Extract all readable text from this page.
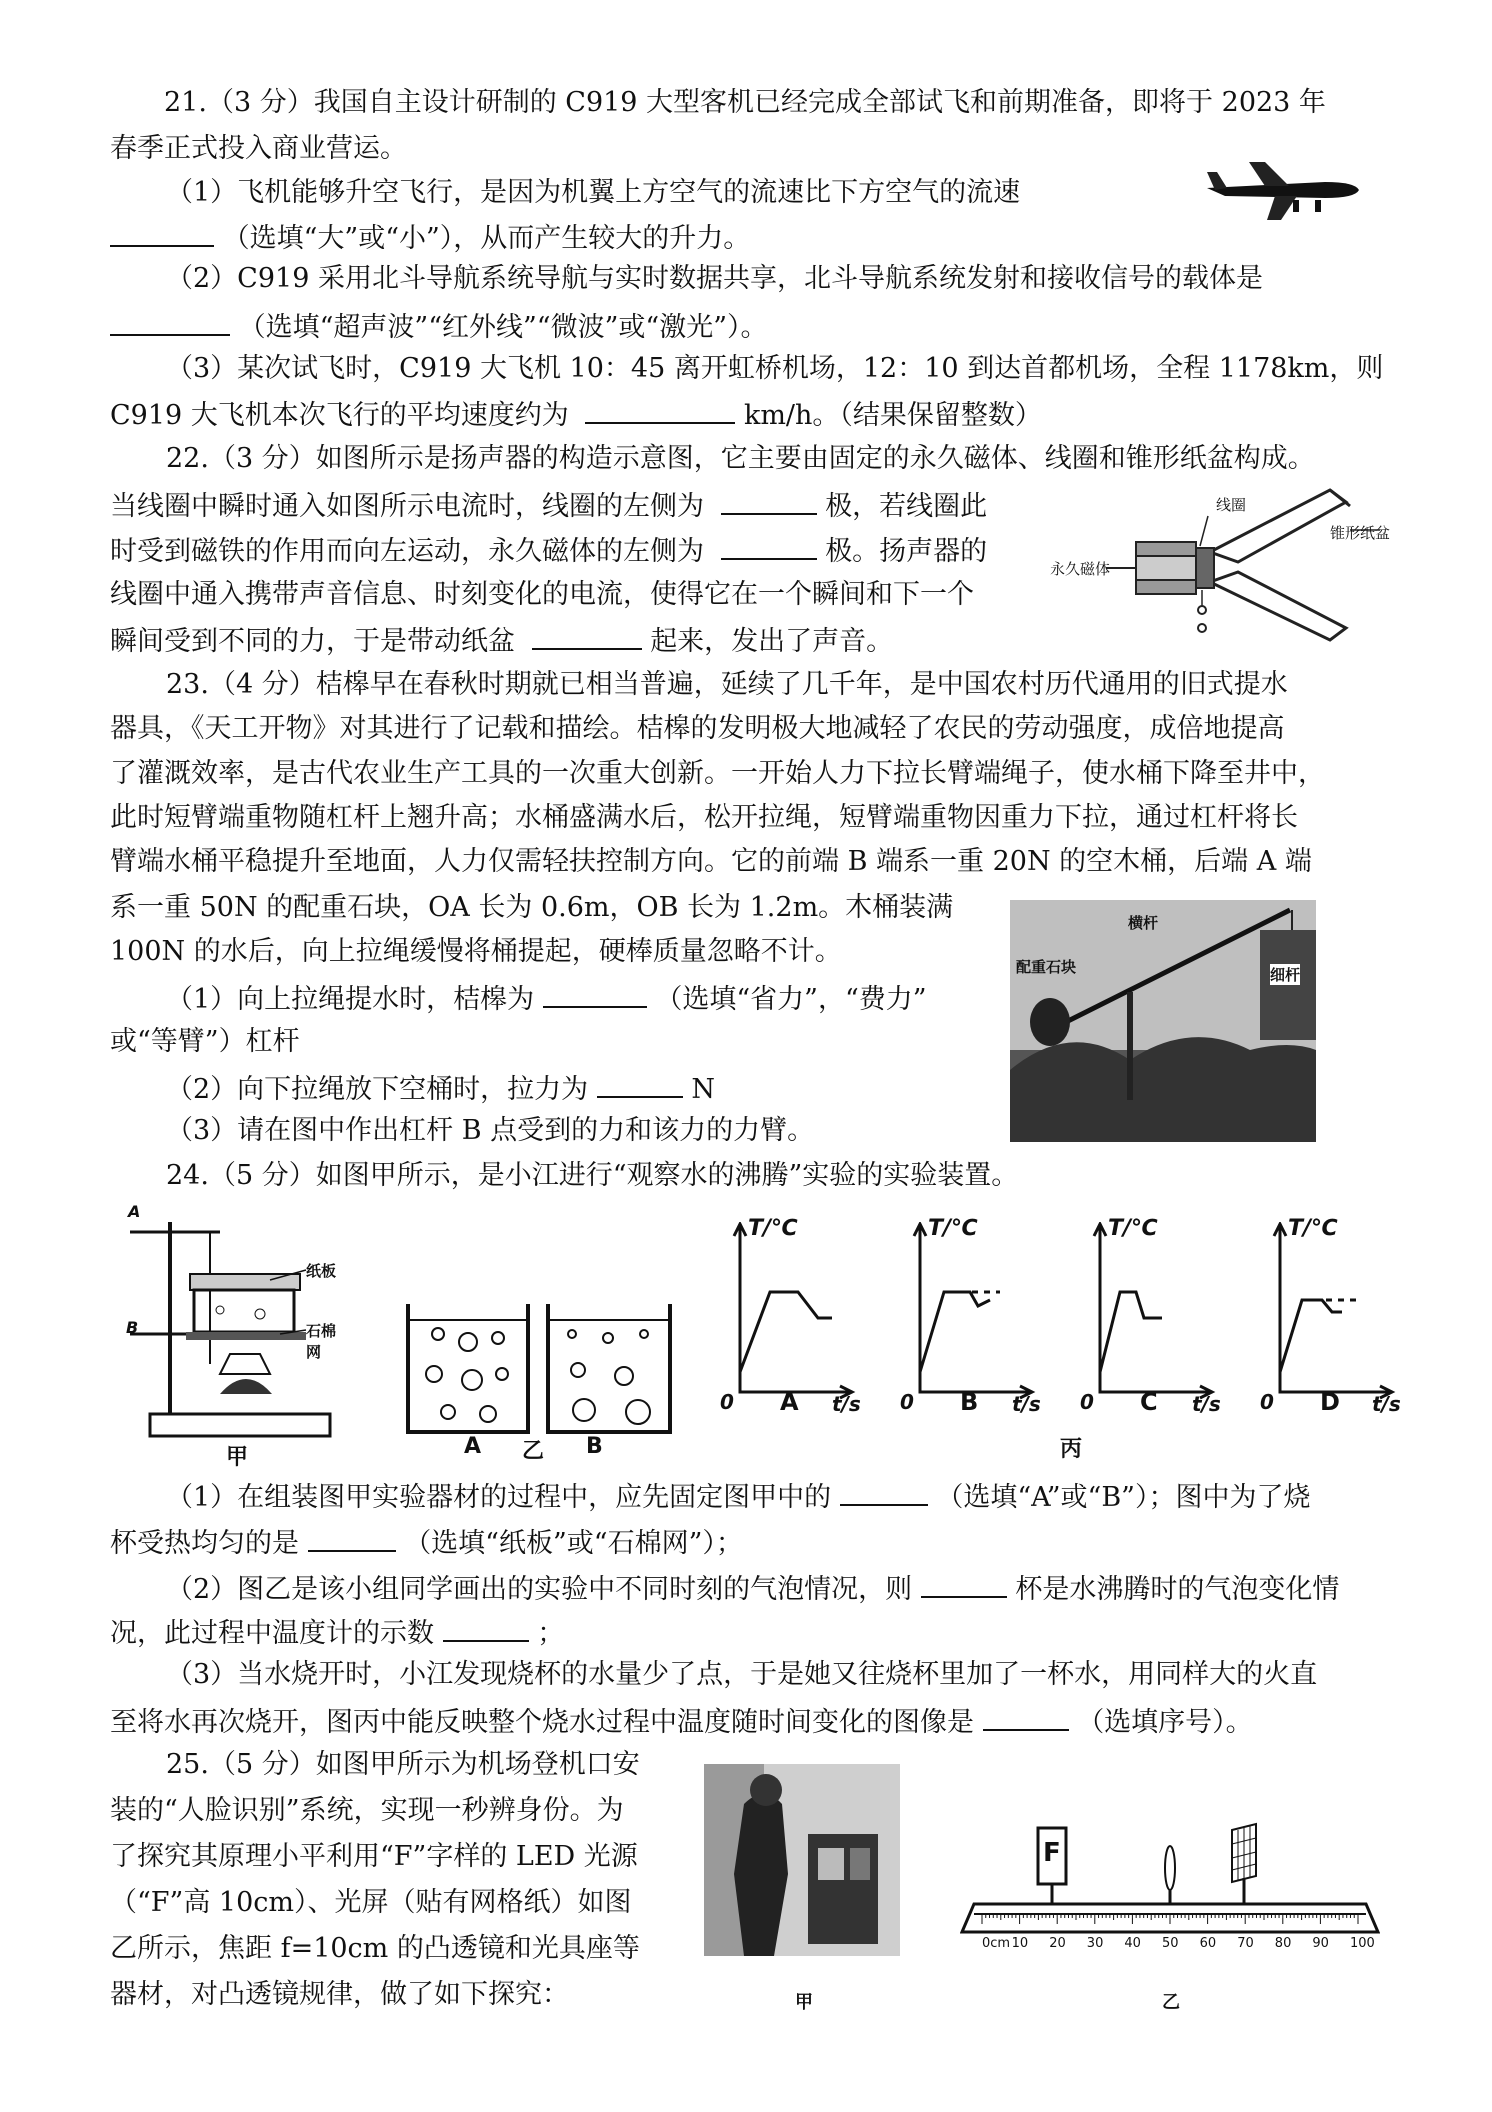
21.（3 分）我国自主设计研制的 C919 大型客机已经完成全部试飞和前期准备，即将于 2023 年
春季正式投入商业营运。
（1）飞机能够升空飞行，是因为机翼上方空气的流速比下方空气的流速
（选填“大”或“小”），从而产生较大的升力。
（2）C919 采用北斗导航系统导航与实时数据共享，北斗导航系统发射和接收信号的载体是
（选填“超声波”“红外线”“微波”或“激光”）。
（3）某次试飞时，C919 大飞机 10：45 离开虹桥机场，12：10 到达首都机场，全程 1178km，则
C919 大飞机本次飞行的平均速度约为	km/h。（结果保留整数）
22.（3 分）如图所示是扬声器的构造示意图，它主要由固定的永久磁体、线圈和锥形纸盆构成。
当线圈中瞬时通入如图所示电流时，线圈的左侧为	极，若线圈此
时受到磁铁的作用而向左运动，永久磁体的左侧为	极。扬声器的
线圈中通入携带声音信息、时刻变化的电流，使得它在一个瞬间和下一个
瞬间受到不同的力，于是带动纸盆	起来，发出了声音。
线圈
锥形纸盆
永久磁体
23.（4 分）桔槔早在春秋时期就已相当普遍，延续了几千年，是中国农村历代通用的旧式提水
器具，《天工开物》对其进行了记载和描绘。桔槔的发明极大地减轻了农民的劳动强度，成倍地提高
了灌溉效率，是古代农业生产工具的一次重大创新。一开始人力下拉长臂端绳子，使水桶下降至井中，
此时短臂端重物随杠杆上翘升高；水桶盛满水后，松开拉绳，短臂端重物因重力下拉，通过杠杆将长
臂端水桶平稳提升至地面，人力仅需轻扶控制方向。它的前端 B 端系一重 20N 的空木桶，后端 A 端
系一重 50N 的配重石块，OA 长为 0.6m，OB 长为 1.2m。木桶装满
100N 的水后，向上拉绳缓慢将桶提起，硬棒质量忽略不计。
（1）向上拉绳提水时，桔槔为	（选填“省力”，“费力”
或“等臂”）杠杆
（2）向下拉绳放下空桶时，拉力为	N
（3）请在图中作出杠杆 B 点受到的力和该力的力臂。
横杆
配重石块	细杆
24.（5 分）如图甲所示，是小江进行“观察水的沸腾”实验的实验装置。
A
B
纸板
石棉网
甲	A 乙 B
T/℃
t/s
0 A
T/℃
t/s
0 B
T/℃
t/s
0 C
T/℃
t/s
0 D
丙
（1）在组装图甲实验器材的过程中，应先固定图甲中的	（选填“A”或“B”）；图中为了烧
杯受热均匀的是	（选填“纸板”或“石棉网”）；
（2）图乙是该小组同学画出的实验中不同时刻的气泡情况，则	杯是水沸腾时的气泡变化情
况，此过程中温度计的示数	；
（3）当水烧开时，小江发现烧杯的水量少了点，于是她又往烧杯里加了一杯水，用同样大的火直
至将水再次烧开，图丙中能反映整个烧水过程中温度随时间变化的图像是	（选填序号）。
25.（5 分）如图甲所示为机场登机口安
装的“人脸识别”系统，实现一秒辨身份。为
了探究其原理小平利用“F”字样的 LED 光源
（“F”高 10cm）、光屏（贴有网格纸）如图
乙所示，焦距 f=10cm 的凸透镜和光具座等
器材，对凸透镜规律，做了如下探究：	甲
F
0cm 10 20 30 40 50 60 70 80 90 100
乙
